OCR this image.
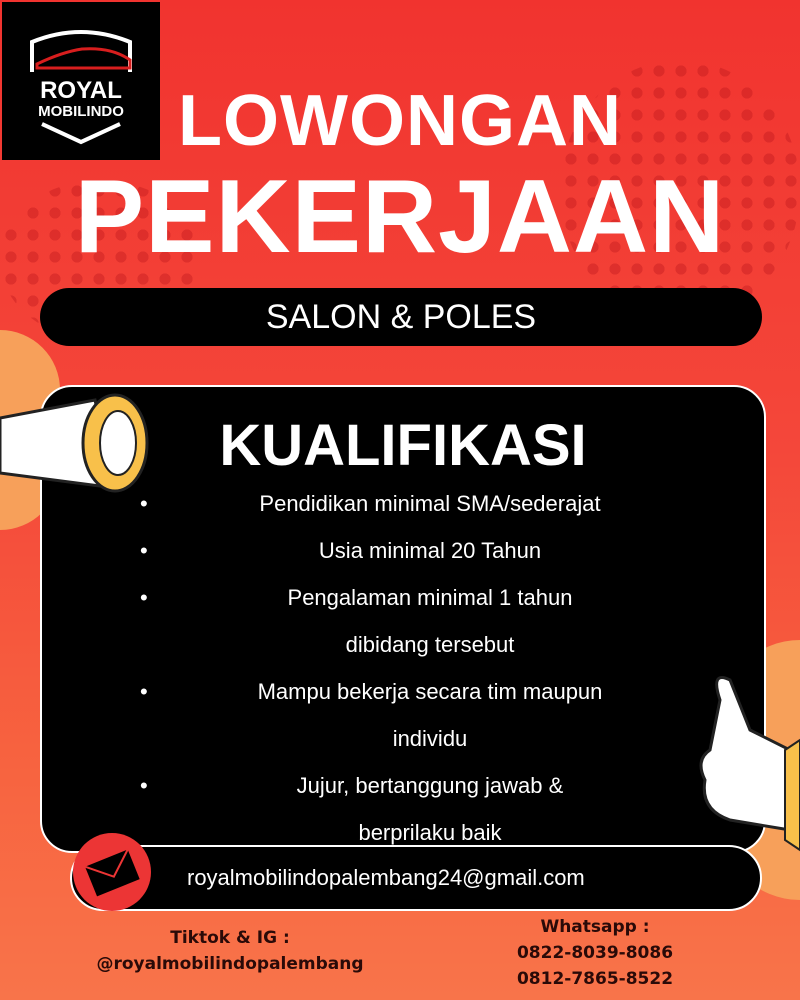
ROYAL
MOBILINDO LOWONGAN
PEKERJAAN
SALON & POLES
KUALIFIKASI
•	Pendidikan minimal SMA/sederajat
•	Usia minimal 20 Tahun
•	Pengalaman minimal 1 tahun
dibidang tersebut
•	Mampu bekerja secara tim maupun
individu
•	Jujur, bertanggung jawab &
berprilaku baik
royalmobilindopalembang24@gmail.com
Tiktok & IG :
@royalmobilindopalembang
Whatsapp :
0822-8039-8086
0812-7865-8522
